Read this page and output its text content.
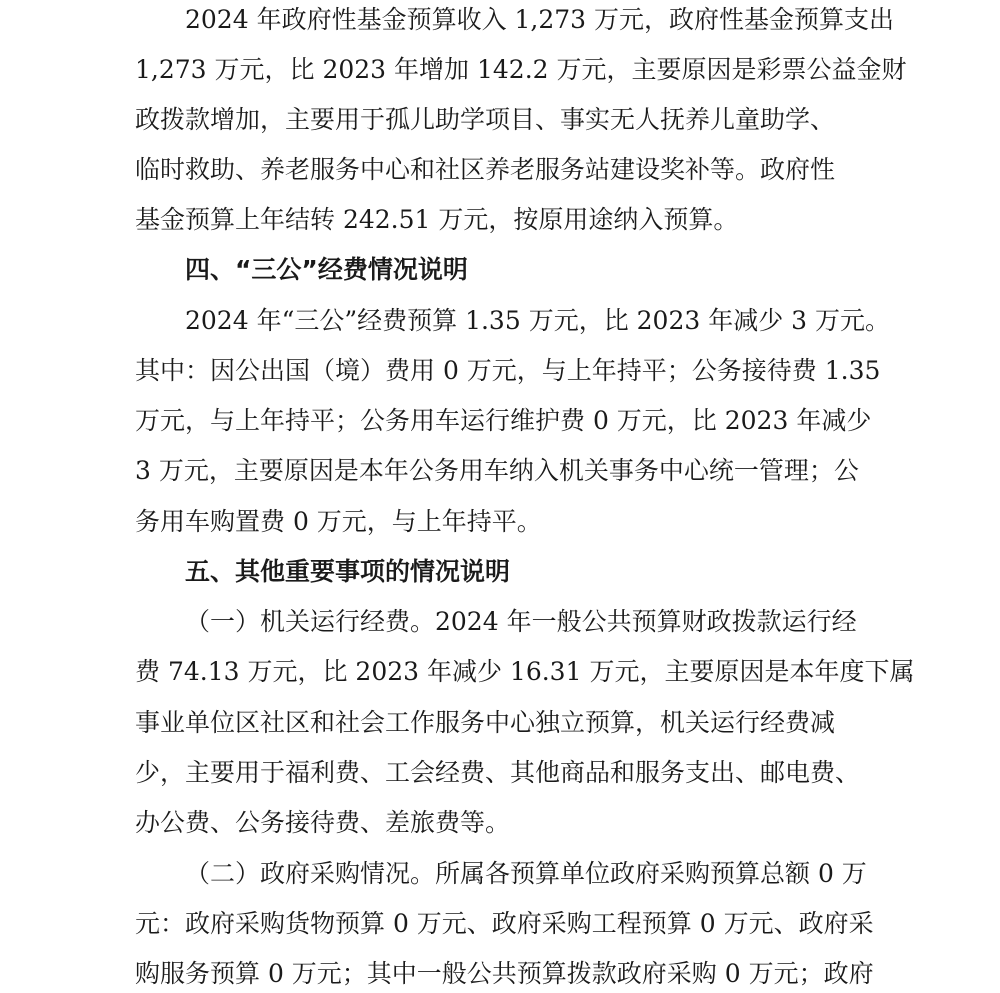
2024 年政府性基金预算收入 1,273 万元，政府性基金预算支出
1,273 万元，比 2023 年增加 142.2 万元，主要原因是彩票公益金财
政拨款增加，主要用于孤儿助学项目、事实无人抚养儿童助学、
临时救助、养老服务中心和社区养老服务站建设奖补等。政府性
基金预算上年结转 242.51 万元，按原用途纳入预算。
四、“三公”经费情况说明
2024 年“三公”经费预算 1.35 万元，比 2023 年减少 3 万元。
其中：因公出国（境）费用 0 万元，与上年持平；公务接待费 1.35
万元，与上年持平；公务用车运行维护费 0 万元，比 2023 年减少
3 万元，主要原因是本年公务用车纳入机关事务中心统一管理；公
务用车购置费 0 万元，与上年持平。
五、其他重要事项的情况说明
（一）机关运行经费。2024 年一般公共预算财政拨款运行经
费 74.13 万元，比 2023 年减少 16.31 万元，主要原因是本年度下属
事业单位区社区和社会工作服务中心独立预算，机关运行经费减
少，主要用于福利费、工会经费、其他商品和服务支出、邮电费、
办公费、公务接待费、差旅费等。
（二）政府采购情况。所属各预算单位政府采购预算总额 0 万
元：政府采购货物预算 0 万元、政府采购工程预算 0 万元、政府采
购服务预算 0 万元；其中一般公共预算拨款政府采购 0 万元；政府
